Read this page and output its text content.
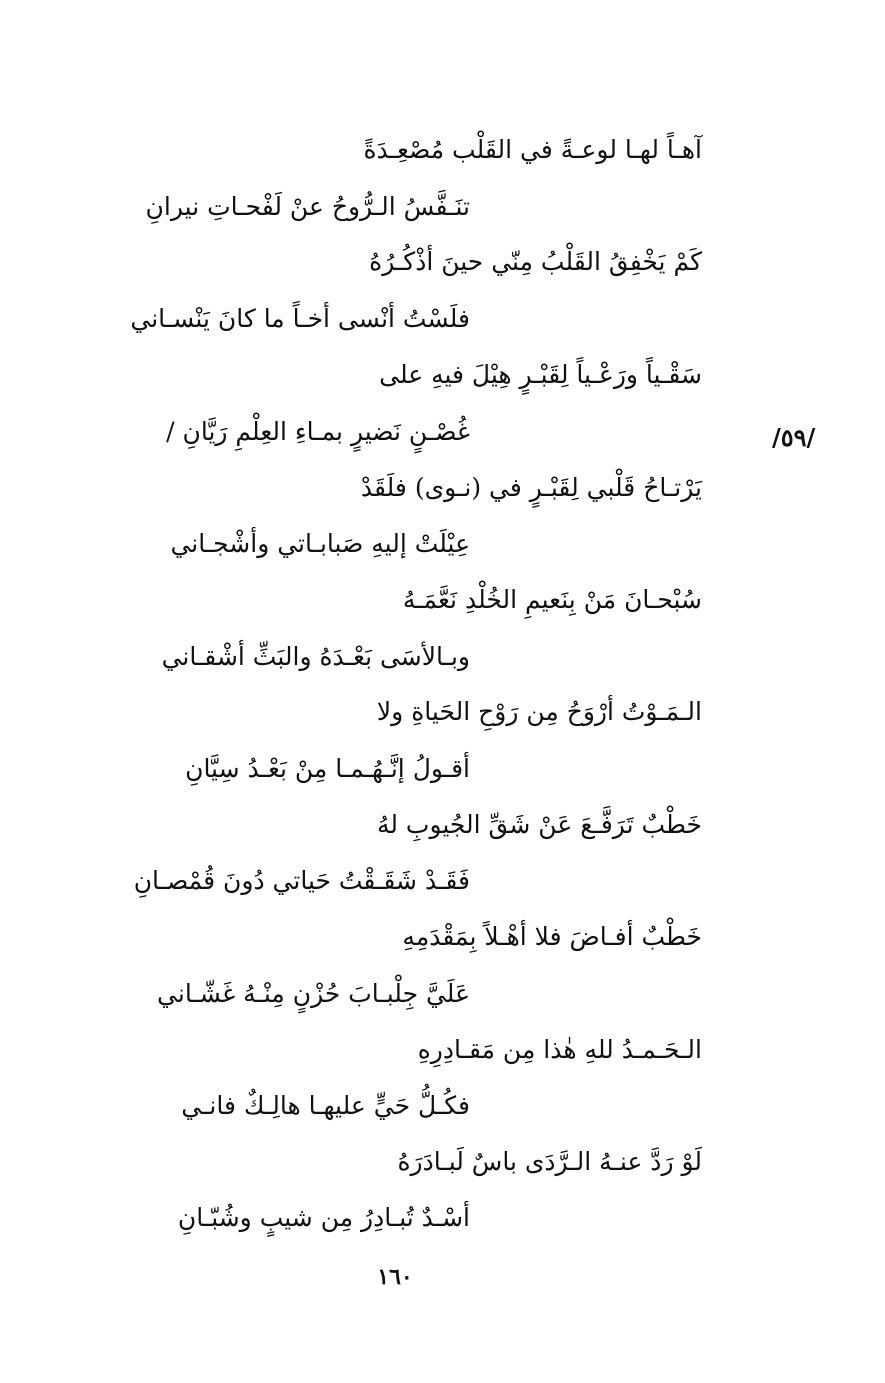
آهـاً لهـا لوعـةً في القَلْب مُصْعِـدَةً
تنَـفَّسُ الـرُّوحُ عنْ لَفْحـاتِ نيرانِ
كَمْ يَخْفِقُ القَلْبُ مِنّي حينَ أذْكُـرُهُ
فلَسْتُ أنْسى أخـاً ما كانَ يَنْسـاني
سَقْـياً ورَعْـياً لِقَبْـرٍ هِيْلَ فيهِ على
غُصْـنٍ نَضيرٍ بمـاءِ العِلْمِ رَيَّانِ /
يَرْتـاحُ قَلْبي لِقَبْـرٍ في (نـوى) فلَقَدْ
عِيْلَتْ إليهِ صَبابـاتي وأشْجـاني
سُبْحـانَ مَنْ بِنَعيمِ الخُلْدِ نَعَّمَـهُ
وبـالأسَى بَعْـدَهُ والبَثِّ أشْقـاني
الـمَـوْتُ أرْوَحُ مِن رَوْحِ الحَياةِ ولا
أقـولُ إنَّـهُـمـا مِنْ بَعْـدُ سِيَّانِ
خَطْبٌ تَرَفَّـعَ عَنْ شَقِّ الجُيوبِ لهُ
فَقَـدْ شَقَـقْتُ حَياتي دُونَ قُمْصـانِ
خَطْبٌ أفـاضَ فلا أهْـلاً بِمَقْدَمِهِ
عَلَيَّ جِلْبـابَ حُزْنٍ مِنْـهُ غَشّـاني
الـحَـمـدُ للهِ هٰذا مِن مَقـادِرِهِ
فكُـلُّ حَيٍّ عليهـا هالِـكٌ فانـي
لَوْ رَدَّ عنـهُ الـرَّدَى باسٌ لَبـادَرَهُ
أسْـدٌ تُبـادِرُ مِن شيبٍ وشُبّـانِ
/٥٩/
١٦٠
